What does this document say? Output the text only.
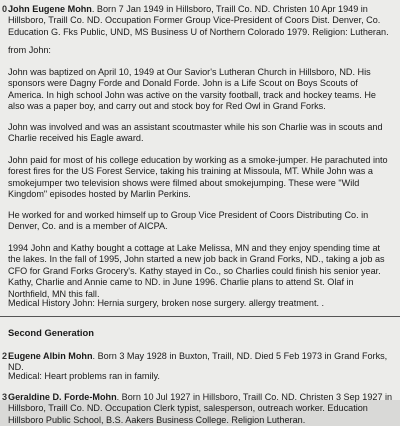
0 John Eugene Mohn. Born 7 Jan 1949 in Hillsboro, Traill Co. ND. Christen 10 Apr 1949 in Hillsboro, Traill Co. ND. Occupation Former Group Vice-President of Coors Dist. Denver, Co. Education G. Fks Public, UND, MS Business U of Northern Colorado 1979. Religion: Lutheran.

from John:

John was baptized on April 10, 1949 at Our Savior's Lutheran Church in Hillsboro, ND. His sponsors were Dagny Forde and Donald Forde. John is a Life Scout on Boys Scouts of America. In high school John was active on the varsity football, track and hockey teams. He also was a paper boy, and carry out and stock boy for Red Owl in Grand Forks.

John was involved and was an assistant scoutmaster while his son Charlie was in scouts and Charlie received his Eagle award.

John paid for most of his college education by working as a smoke-jumper. He parachuted into forest fires for the US Forest Service, taking his training at Missoula, MT. While John was a smokejumper two television shows were filmed about smokejumping. These were "Wild Kingdom" episodes hosted by Marlin Perkins.

He worked for and worked himself up to Group Vice President of Coors Distributing Co. in Denver, Co. and is a member of AICPA.

1994 John and Kathy bought a cottage at Lake Melissa, MN and they enjoy spending time at the lakes. In the fall of 1995, John started a new job back in Grand Forks, ND., taking a job as CFO for Grand Forks Grocery's. Kathy stayed in Co., so Charlies could finish his senior year. Kathy, Charlie and Annie came to ND. in June 1996. Charlie plans to attend St. Olaf in Northfield, MN this fall.

Medical History John: Hernia surgery, broken nose surgery. allergy treatment. .

Second Generation
2 Eugene Albin Mohn. Born 3 May 1928 in Buxton, Traill, ND. Died 5 Feb 1973 in Grand Forks, ND.

Medical: Heart problems ran in family.

3 Geraldine D. Forde-Mohn. Born 10 Jul 1927 in Hillsboro, Traill Co. ND. Christen 3 Sep 1927 in Hillsboro, Traill Co. ND. Occupation Clerk typist, salesperson, outreach worker. Education Hillsboro Public School, B.S. Aakers Business College. Religion Lutheran.
